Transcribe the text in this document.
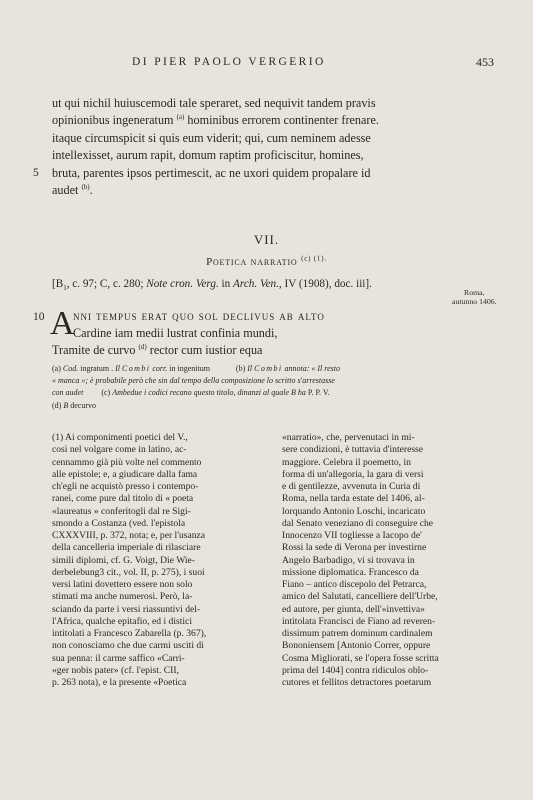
DI PIER PAOLO VERGERIO	453
ut qui nichil huiuscemodi tale speraret, sed nequivit tandem pravis
opinionibus ingeneratum $^{(a)}$ hominibus errorem continenter frenare.
itaque circumspicit si quis eum viderit; qui, cum neminem adesse
intellexisset, aurum rapit, domum raptim proficiscitur, homines,
5 bruta, parentes ipsos pertimescit, ac ne uxori quidem propalare id
audet $^{(b)}$.
VII.
Poetica narratio $^{(c) (1).}$
[$B_1$, c. 97; C, c. 280; Note cron. Verg. in Arch. Ven., IV (1908), doc. iii].
Roma,
autunno 1406.
10 A
nni tempus erat quo sol declivus ab alto
Cardine iam medii lustrat confinia mundi,
Tramite de curvo $^{(d)}$ rector cum iustior equa
(a) Cod. ingratum . Il Combi corr. in ingenitum	(b) Il Combi annota: « Il resto
« manca »; è probabile però che sin dal tempo della composizione lo scritto s'arrestasse
con audet (c) Ambedue i codici recano questo titolo, dinanzi al quale B ha P. P. V.
(d) B decurvo
(1) Ai componimenti poetici del V.,
così nel volgare come in latino, ac-
cennammo già più volte nel commento
alle epistole; e, a giudicare dalla fama
ch'egli ne acquistò presso i contempo-
ranei, come pure dal titolo di « poeta
«laureatus » conferitogli dal re Sigi-
smondo a Costanza (ved. l'epistola
CXXXVIII, p. 372, nota; e, per l'usanza
della cancelleria imperiale di rilasciare
simili diplomi, cf. G. Voigt, Die Wie-
derbelebung3 cit., vol. II, p. 275), i suoi
versi latini dovettero essere non solo
stimati ma anche numerosi. Però, la-
sciando da parte i versi riassuntivi del-
l'Africa, qualche epitafio, ed i distici
intitolati a Francesco Zabarella (p. 367),
non conosciamo che due carmi usciti di
sua penna: il carme saffico «Carri-
«ger nobis pater» (cf. l'epist. CII,
p. 263 nota), e la presente «Poetica
«narratio», che, pervenutaci in mi-
sere condizioni, è tuttavia d'interesse
maggiore. Celebra il poemetto, in
forma di un'allegoria, la gara di versi
e di gentilezze, avvenuta in Curia di
Roma, nella tarda estate del 1406, al-
lorquando Antonio Loschi, incaricato
dal Senato veneziano di conseguire che
Innocenzo VII togliesse a Iacopo de'
Rossi la sede di Verona per investirne
Angelo Barbadigo, vi si trovava in
missione diplomatica. Francesco da
Fiano – antico discepolo del Petrarca,
amico del Salutati, cancelliere dell'Urbe,
ed autore, per giunta, dell'«invettiva»
intitolata Francisci de Fiano ad reveren-
dissimum patrem dominum cardinalem
Bononiensem [Antonio Correr, oppure
Cosma Migliorati, se l'opera fosse scritta
prima del 1404] contra ridiculos oblo-
cutores et fellitos detractores poetarum
